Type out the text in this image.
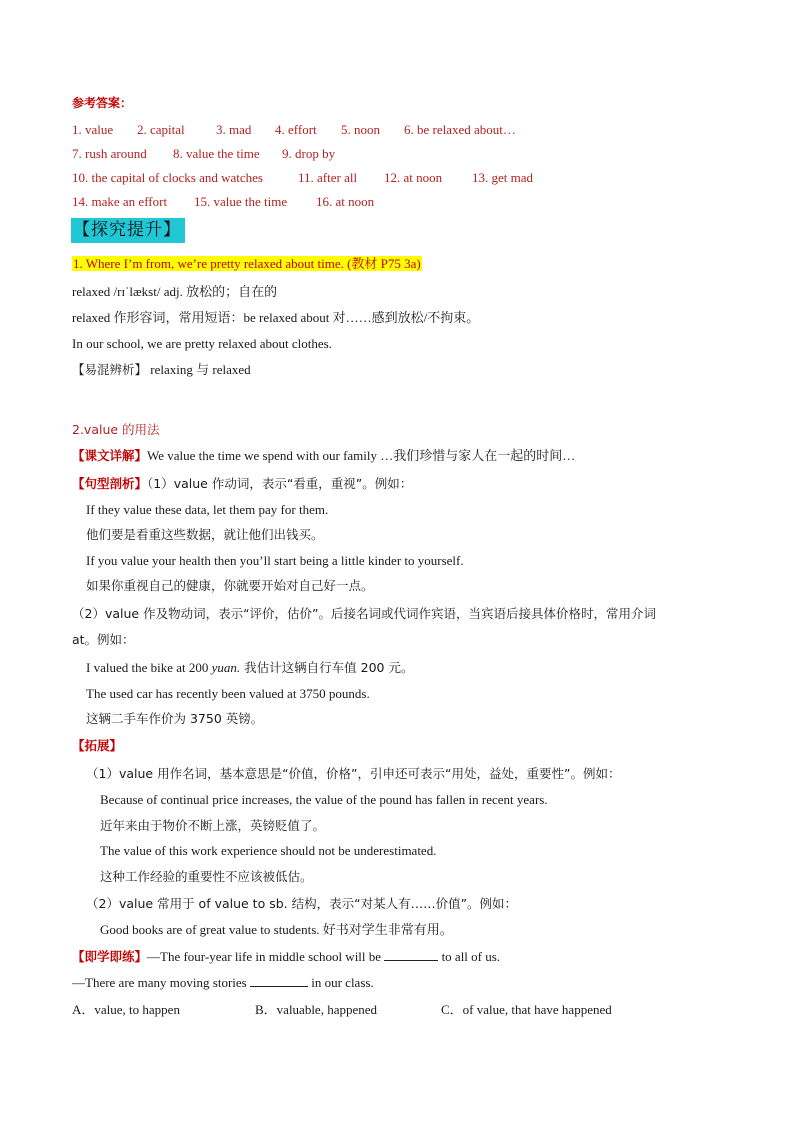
参考答案：
1. value 2. capital 3. mad 4. effort 5. noon 6. be relaxed about…
7. rush around 8. value the time 9. drop by
10. the capital of clocks and watches	11. after all 12. at noon 13. get mad
14. make an effort 15. value the time 16. at noon
【探究提升】
1. Where I’m from, we’re pretty relaxed about time. (教材 P75 3a)
relaxed /rɪˈlækst/ adj. 放松的；自在的
relaxed 作形容词，常用短语：be relaxed about 对……感到放松/不拘束。
In our school, we are pretty relaxed about clothes.
【易混辨析】 relaxing 与 relaxed
2.value 的用法
【课文详解】We value the time we spend with our family …我们珍惜与家人在一起的时间…
【句型剖析】（1）value 作动词，表示“看重，重视”。例如：
If they value these data, let them pay for them.
他们要是看重这些数据，就让他们出钱买。
If you value your health then you’ll start being a little kinder to yourself.
如果你重视自己的健康，你就要开始对自己好一点。
（2）value 作及物动词，表示“评价，估价”。后接名词或代词作宾语，当宾语后接具体价格时，常用介词
at。例如：
I valued the bike at 200 yuan. 我估计这辆自行车值 200 元。
The used car has recently been valued at 3750 pounds.
这辆二手车作价为 3750 英镑。
【拓展】
（1）value 用作名词，基本意思是“价值，价格”，引申还可表示“用处，益处，重要性”。例如：
Because of continual price increases, the value of the pound has fallen in recent years.
近年来由于物价不断上涨，英镑贬值了。
The value of this work experience should not be underestimated.
这种工作经验的重要性不应该被低估。
（2）value 常用于 of value to sb. 结构，表示“对某人有……价值”。例如：
Good books are of great value to students. 好书对学生非常有用。
【即学即练】—The four-year life in middle school will be	to all of us.
—There are many moving stories	in our class.
A．value, to happen	B．valuable, happened	C．of value, that have happened
